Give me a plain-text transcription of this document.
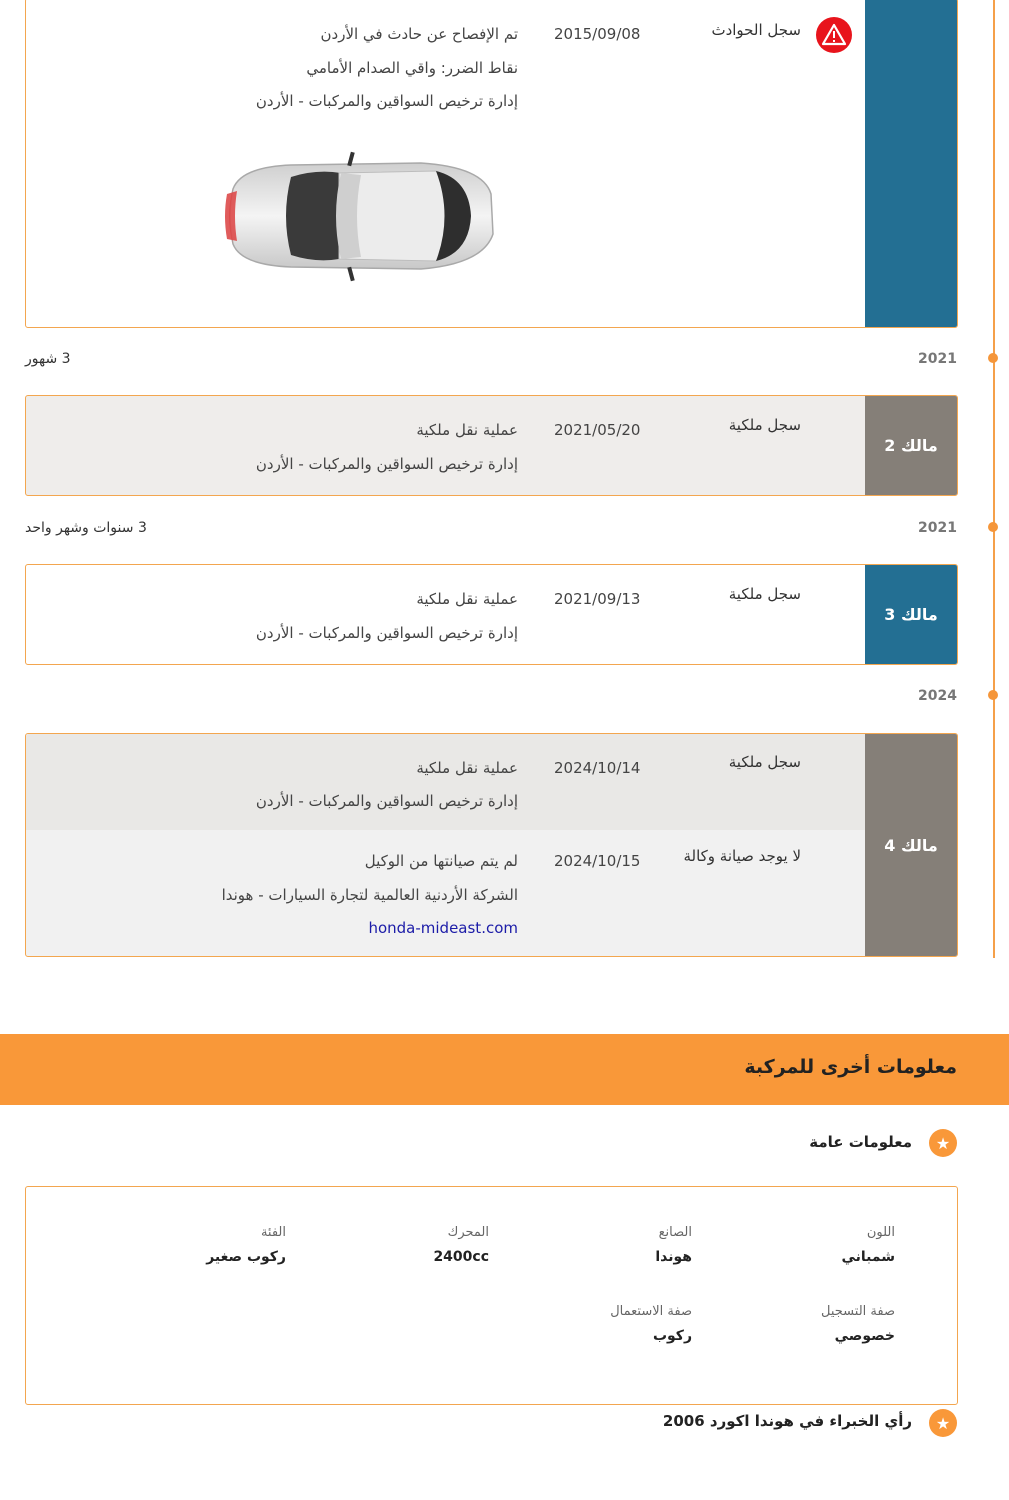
سجل الحوادث
2015/09/08
تم الإفصاح عن حادث في الأردن
نقاط الضرر: واقي الصدام الأمامي
إدارة ترخيص السواقين والمركبات - الأردن
2021
3 شهور
مالك 2
سجل ملكية
2021/05/20
عملية نقل ملكية
إدارة ترخيص السواقين والمركبات - الأردن
2021
3 سنوات وشهر واحد
مالك 3
سجل ملكية
2021/09/13
عملية نقل ملكية
إدارة ترخيص السواقين والمركبات - الأردن
2024
مالك 4
سجل ملكية
2024/10/14
عملية نقل ملكية
إدارة ترخيص السواقين والمركبات - الأردن
لا يوجد صيانة وكالة
2024/10/15
لم يتم صيانتها من الوكيل
الشركة الأردنية العالمية لتجارة السيارات - هوندا
honda-mideast.com
معلومات أخرى للمركبة
★
معلومات عامة
اللون
شمباني
الصانع
هوندا
المحرك
2400cc
الفئة
ركوب صغير
صفة التسجيل
خصوصي
صفة الاستعمال
ركوب
★
رأي الخبراء في هوندا اكورد 2006
